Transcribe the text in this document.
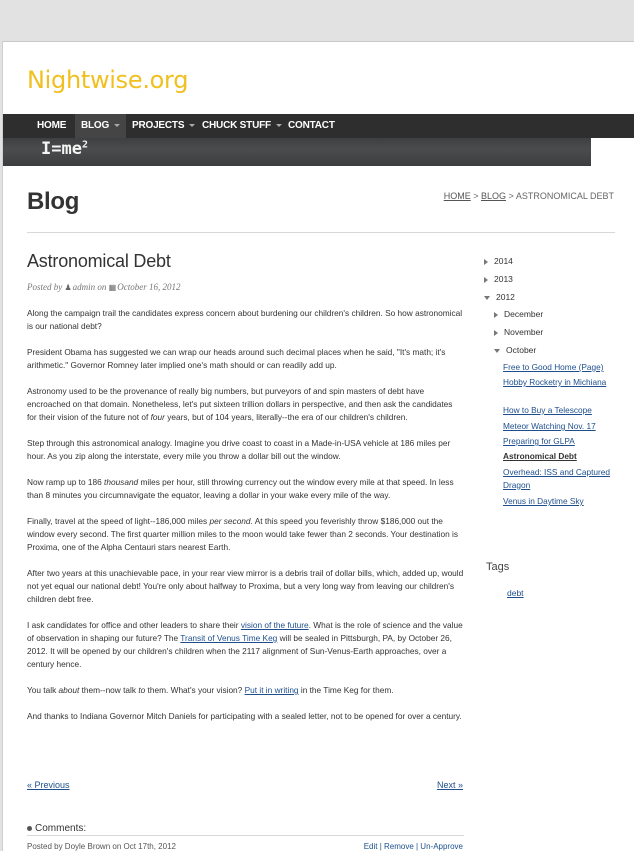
Nightwise.org
HOME	BLOG	PROJECTS	CHUCK STUFF	CONTACT
$I=me^2$
Blog	HOME > BLOG > ASTRONOMICAL DEBT
Astronomical Debt
Posted by ♟admin on ▦October 16, 2012

Along the campaign trail the candidates express concern about burdening our children's children. So how astronomical is our national debt?

President Obama has suggested we can wrap our heads around such decimal places when he said, "It's math; it's arithmetic." Governor Romney later implied one's math should or can readily add up.

Astronomy used to be the provenance of really big numbers, but purveyors of and spin masters of debt have encroached on that domain. Nonetheless, let's put sixteen trillion dollars in perspective, and then ask the candidates for their vision of the future not of four years, but of 104 years, literally--the era of our children's children.

Step through this astronomical analogy. Imagine you drive coast to coast in a Made-in-USA vehicle at 186 miles per hour. As you zip along the interstate, every mile you throw a dollar bill out the window.

Now ramp up to 186 thousand miles per hour, still throwing currency out the window every mile at that speed. In less than 8 minutes you circumnavigate the equator, leaving a dollar in your wake every mile of the way.

Finally, travel at the speed of light--186,000 miles per second. At this speed you feverishly throw $186,000 out the window every second. The first quarter million miles to the moon would take fewer than 2 seconds. Your destination is Proxima, one of the Alpha Centauri stars nearest Earth.

After two years at this unachievable pace, in your rear view mirror is a debris trail of dollar bills, which, added up, would not yet equal our national debt! You're only about halfway to Proxima, but a very long way from leaving our children's children debt free.

I ask candidates for office and other leaders to share their vision of the future. What is the role of science and the value of observation in shaping our future? The Transit of Venus Time Keg will be sealed in Pittsburgh, PA, by October 26, 2012. It will be opened by our children's children when the 2117 alignment of Sun-Venus-Earth approaches, over a century hence.

You talk about them--now talk to them. What's your vision? Put it in writing in the Time Keg for them.

And thanks to Indiana Governor Mitch Daniels for participating with a sealed letter, not to be opened for over a century.

« Previous	Next »
Comments:
Posted by Doyle Brown on Oct 17th, 2012	Edit | Remove | Un-Approve
2014
2013
2012
December
November
October
Free to Good Home (Page)
Hobby Rocketry in Michiana
How to Buy a Telescope
Meteor Watching Nov. 17
Preparing for GLPA
Astronomical Debt
Overhead: ISS and Captured Dragon
Venus in Daytime Sky
Tags
debt
